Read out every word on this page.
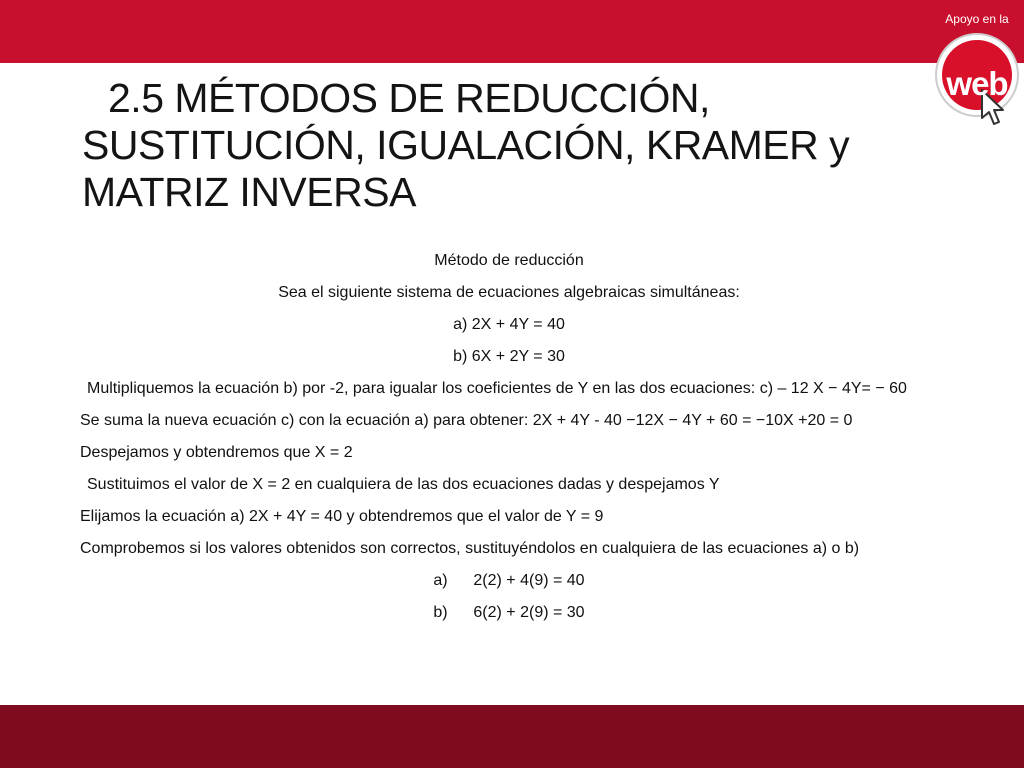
Apoyo en la
web
2.5 MÉTODOS DE REDUCCIÓN,
SUSTITUCIÓN, IGUALACIÓN, KRAMER y
MATRIZ INVERSA

Método de reducción

Sea el siguiente sistema de ecuaciones algebraicas simultáneas:

a) 2X + 4Y = 40

b) 6X + 2Y = 30

Multipliquemos la ecuación b) por -2, para igualar los coeficientes de Y en las dos ecuaciones: c) – 12 X − 4Y= − 60

Se suma la nueva ecuación c) con la ecuación a) para obtener: 2X + 4Y - 40 −12X − 4Y + 60 = −10X +20 = 0

Despejamos y obtendremos que X = 2

Sustituimos el valor de X = 2 en cualquiera de las dos ecuaciones dadas y despejamos Y

Elijamos la ecuación a) 2X + 4Y = 40 y obtendremos que el valor de Y = 9

Comprobemos si los valores obtenidos son correctos, sustituyéndolos en cualquiera de las ecuaciones a) o b)

a)	2(2) + 4(9) = 40
b)	6(2) + 2(9) = 30
